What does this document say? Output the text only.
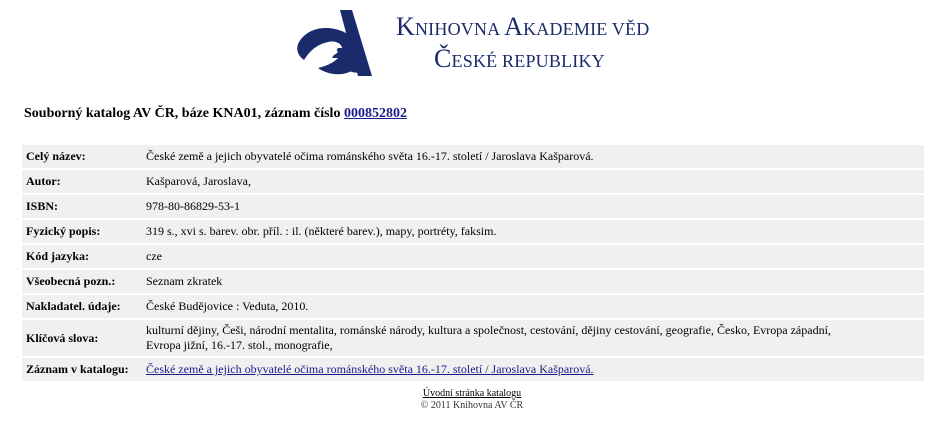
KNIHOVNA AKADEMIE VĚD
ČESKÉ REPUBLIKY
Souborný katalog AV ČR, báze KNA01, záznam číslo 000852802
Celý název:	České země a jejich obyvatelé očima románského světa 16.-17. století / Jaroslava Kašparová.
Autor:	Kašparová, Jaroslava,
ISBN:	978-80-86829-53-1
Fyzický popis:	319 s., xvi s. barev. obr. příl. : il. (některé barev.), mapy, portréty, faksim.
Kód jazyka:	cze
Všeobecná pozn.:	Seznam zkratek
Nakladatel. údaje:	České Budějovice : Veduta, 2010.
Klíčová slova:	kulturní dějiny, Češi, národní mentalita, románské národy, kultura a společnost, cestování, dějiny cestování, geografie, Česko, Evropa západní,
Evropa jižní, 16.-17. stol., monografie,
Záznam v katalogu:	České země a jejich obyvatelé očima románského světa 16.-17. století / Jaroslava Kašparová.
Úvodní stránka katalogu
© 2011 Knihovna AV ČR
